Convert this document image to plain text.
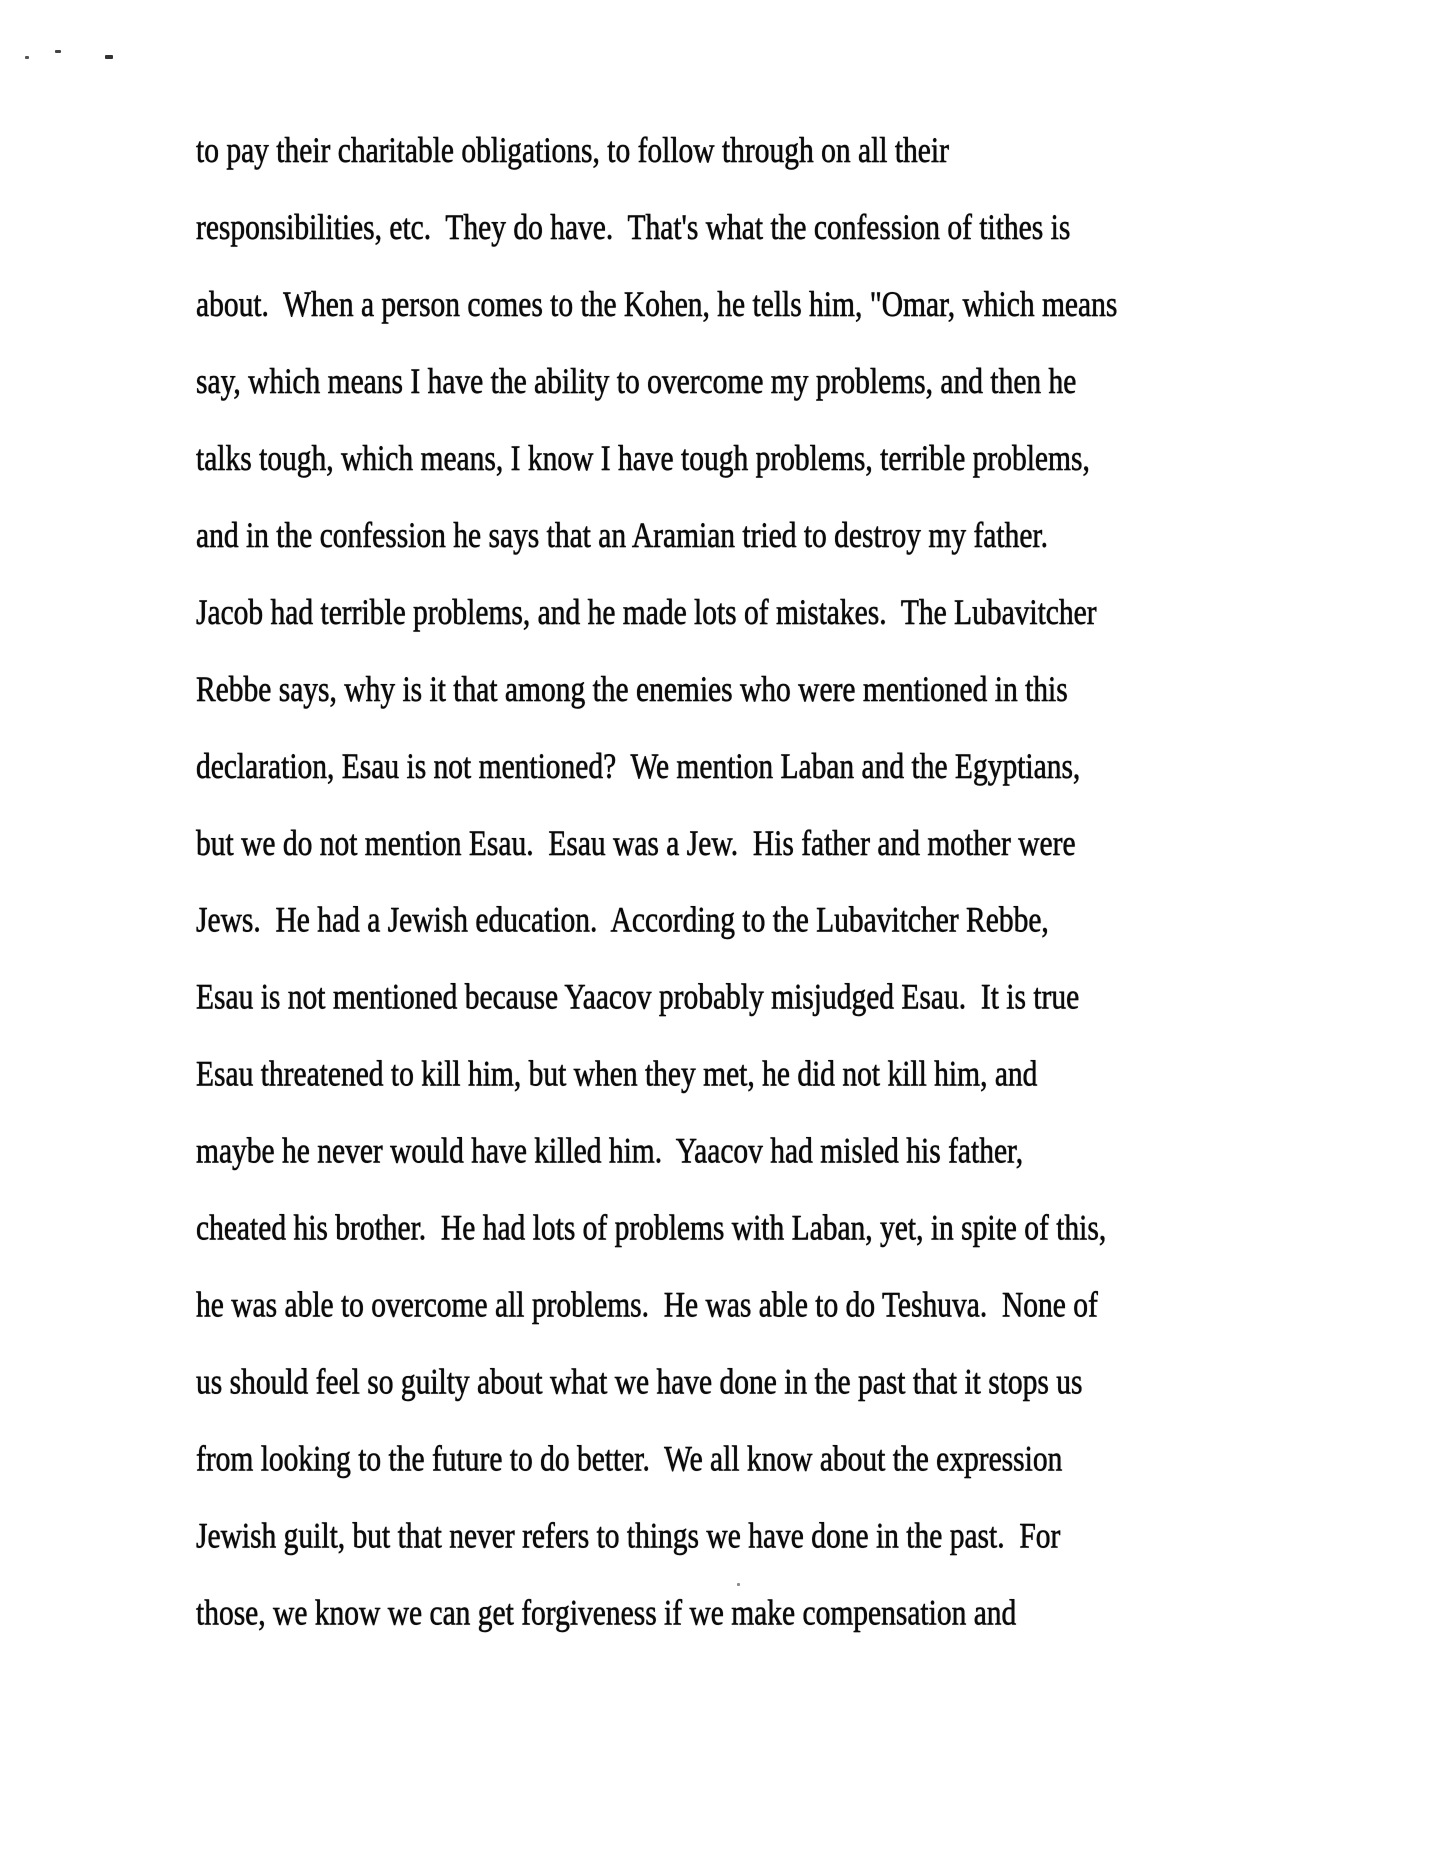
to pay their charitable obligations, to follow through on all their
responsibilities, etc.  They do have.  That's what the confession of tithes is
about.  When a person comes to the Kohen, he tells him, "Omar, which means
say, which means I have the ability to overcome my problems, and then he
talks tough, which means, I know I have tough problems, terrible problems,
and in the confession he says that an Aramian tried to destroy my father.
Jacob had terrible problems, and he made lots of mistakes.  The Lubavitcher
Rebbe says, why is it that among the enemies who were mentioned in this
declaration, Esau is not mentioned?  We mention Laban and the Egyptians,
but we do not mention Esau.  Esau was a Jew.  His father and mother were
Jews.  He had a Jewish education.  According to the Lubavitcher Rebbe,
Esau is not mentioned because Yaacov probably misjudged Esau.  It is true
Esau threatened to kill him, but when they met, he did not kill him, and
maybe he never would have killed him.  Yaacov had misled his father,
cheated his brother.  He had lots of problems with Laban, yet, in spite of this,
he was able to overcome all problems.  He was able to do Teshuva.  None of
us should feel so guilty about what we have done in the past that it stops us
from looking to the future to do better.  We all know about the expression
Jewish guilt, but that never refers to things we have done in the past.  For
those, we know we can get forgiveness if we make compensation and
